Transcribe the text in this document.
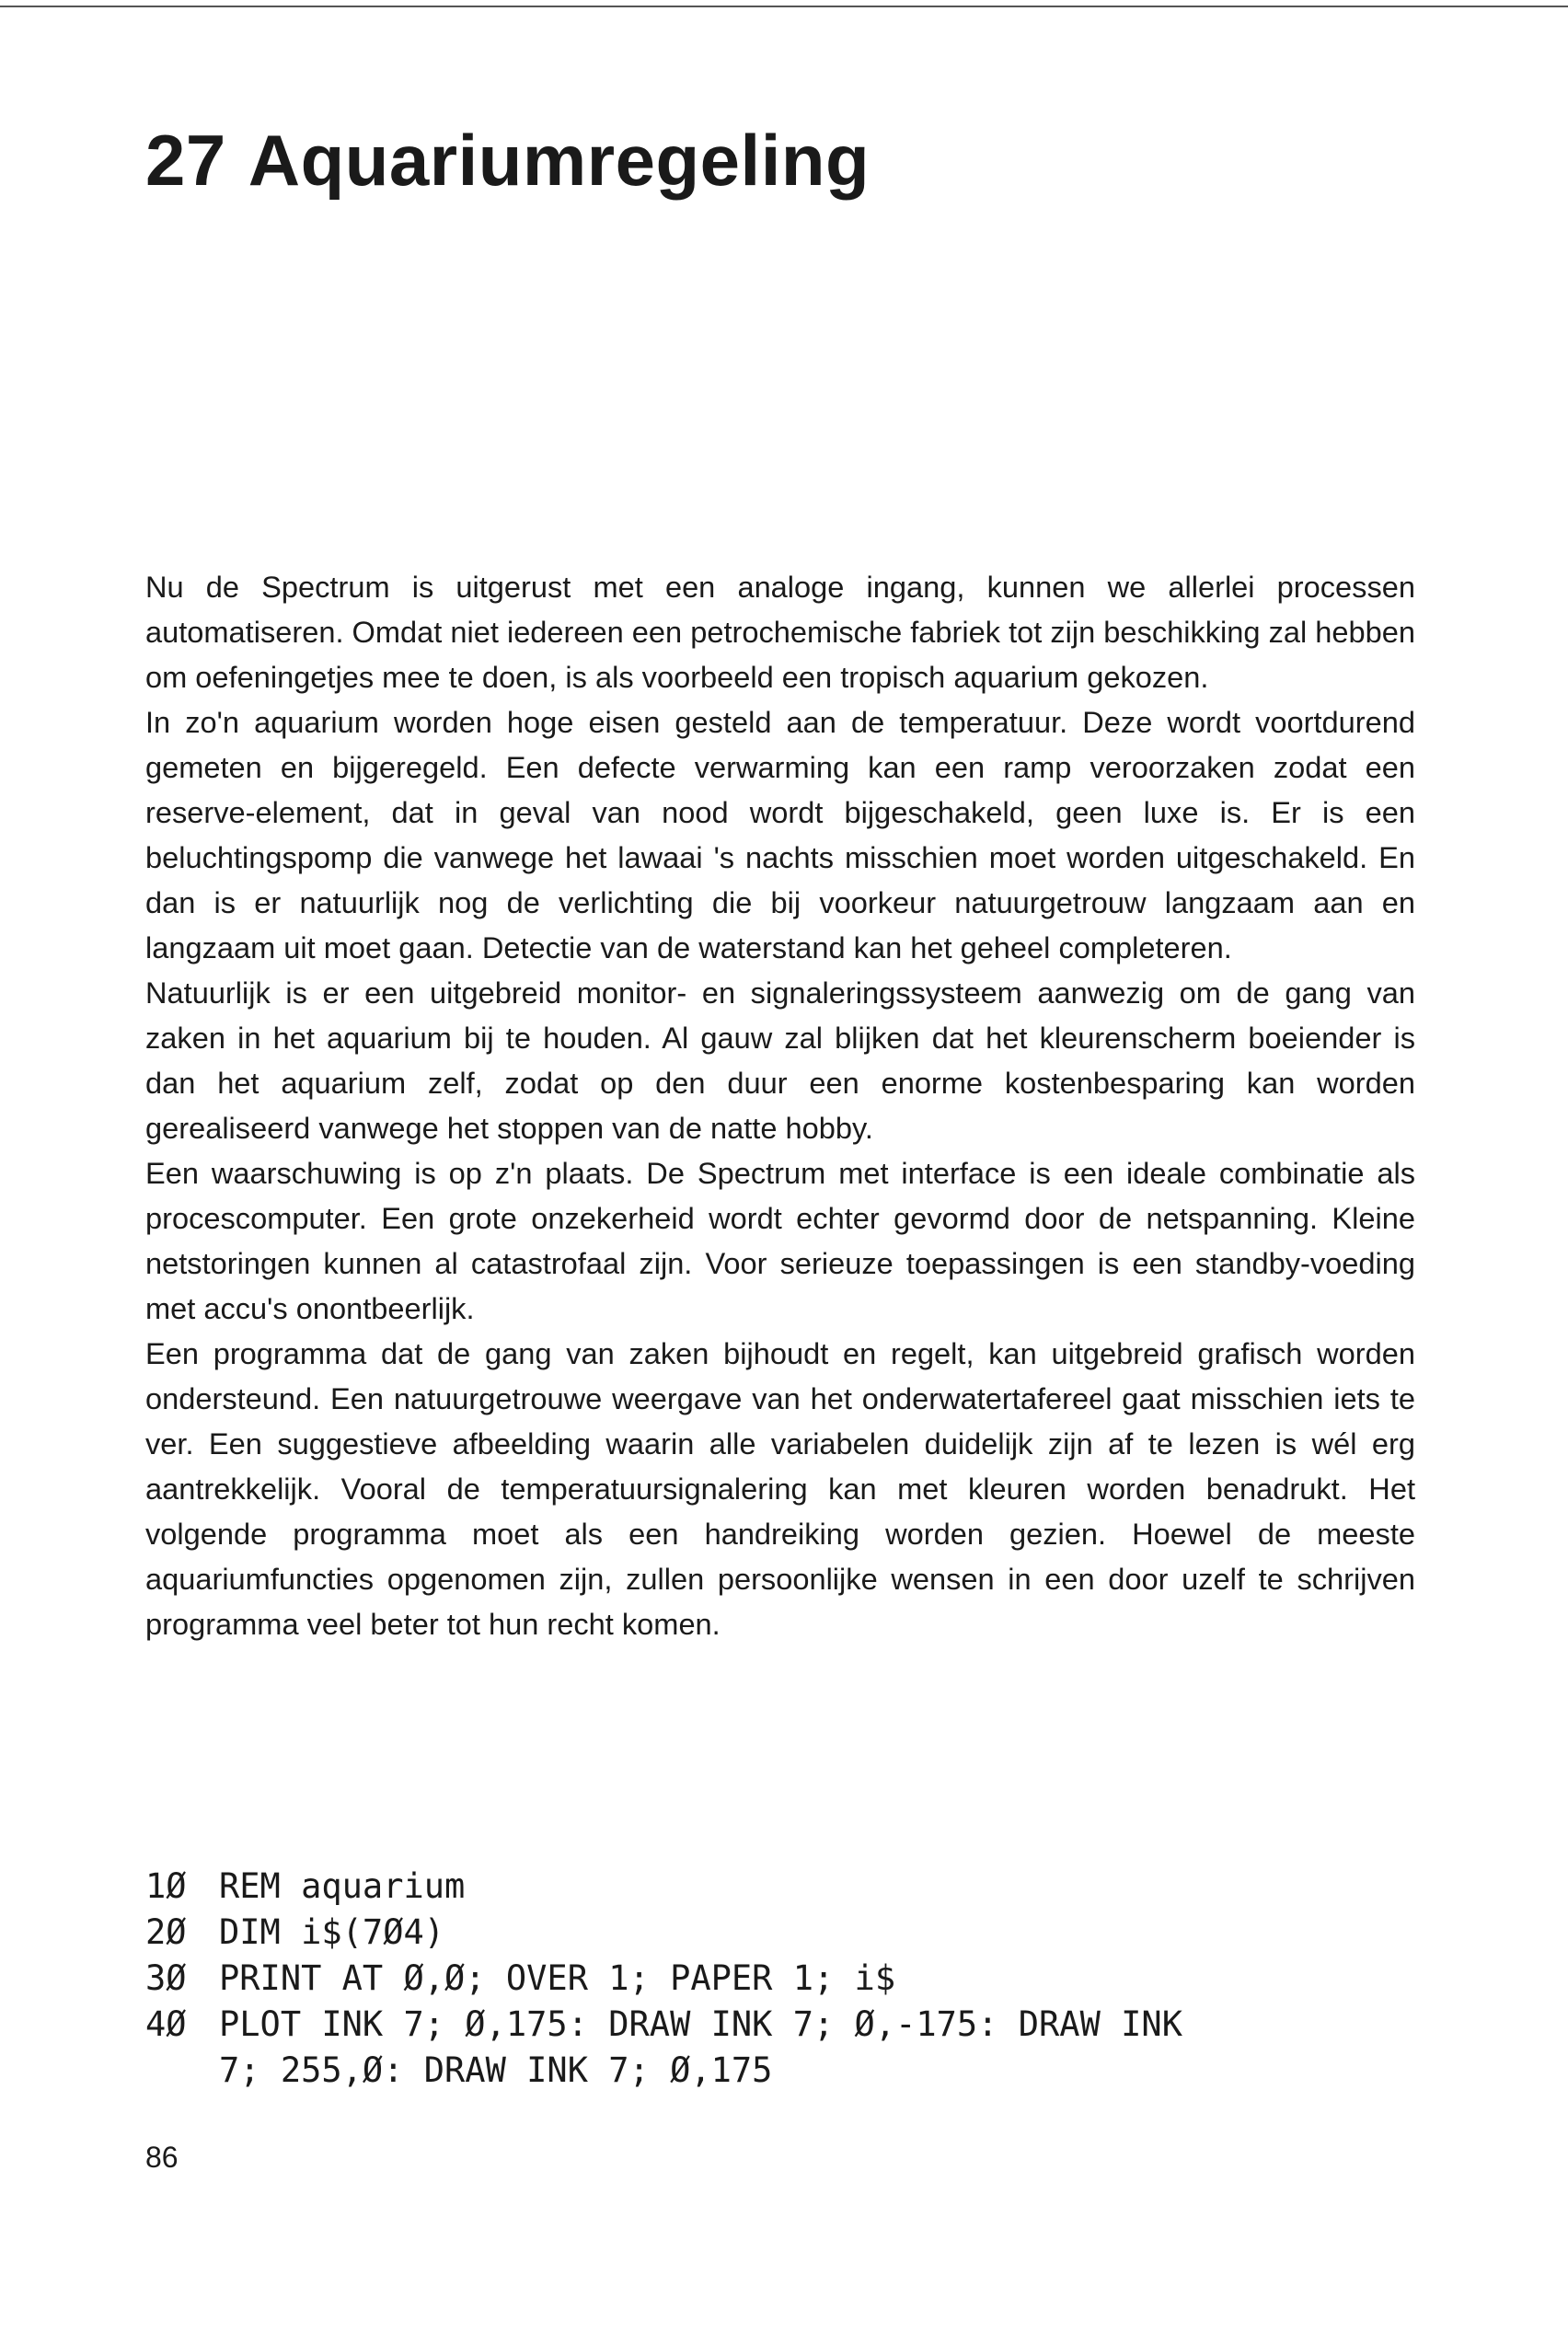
27 Aquariumregeling

Nu de Spectrum is uitgerust met een analoge ingang, kunnen we allerlei processen automatiseren. Omdat niet iedereen een petrochemische fabriek tot zijn beschikking zal hebben om oefeningetjes mee te doen, is als voorbeeld een tropisch aquarium gekozen.

In zo'n aquarium worden hoge eisen gesteld aan de temperatuur. Deze wordt voortdurend gemeten en bijgeregeld. Een defecte verwarming kan een ramp veroorzaken zodat een reserve-element, dat in geval van nood wordt bijgeschakeld, geen luxe is. Er is een beluchtingspomp die vanwege het lawaai 's nachts misschien moet worden uitgeschakeld. En dan is er natuurlijk nog de verlichting die bij voorkeur natuurgetrouw langzaam aan en langzaam uit moet gaan. Detectie van de waterstand kan het geheel completeren.

Natuurlijk is er een uitgebreid monitor- en signaleringssysteem aanwezig om de gang van zaken in het aquarium bij te houden. Al gauw zal blijken dat het kleurenscherm boeiender is dan het aquarium zelf, zodat op den duur een enorme kostenbesparing kan worden gerealiseerd vanwege het stoppen van de natte hobby.

Een waarschuwing is op z'n plaats. De Spectrum met interface is een ideale combinatie als procescomputer. Een grote onzekerheid wordt echter gevormd door de netspanning. Kleine netstoringen kunnen al catastrofaal zijn. Voor serieuze toepassingen is een standby-voeding met accu's onontbeerlijk.

Een programma dat de gang van zaken bijhoudt en regelt, kan uitgebreid grafisch worden ondersteund. Een natuurgetrouwe weergave van het onderwatertafereel gaat misschien iets te ver. Een suggestieve afbeelding waarin alle variabelen duidelijk zijn af te lezen is wél erg aantrekkelijk. Vooral de temperatuursignalering kan met kleuren worden benadrukt. Het volgende programma moet als een handreiking worden gezien. Hoewel de meeste aquariumfuncties opgenomen zijn, zullen persoonlijke wensen in een door uzelf te schrijven programma veel beter tot hun recht komen.

1Ø REM aquarium
2Ø DIM i$(7Ø4)
3Ø PRINT AT Ø,Ø; OVER 1; PAPER 1; i$
4Ø PLOT INK 7; Ø,175: DRAW INK 7; Ø,-175: DRAW INK
7; 255,Ø: DRAW INK 7; Ø,175
86
